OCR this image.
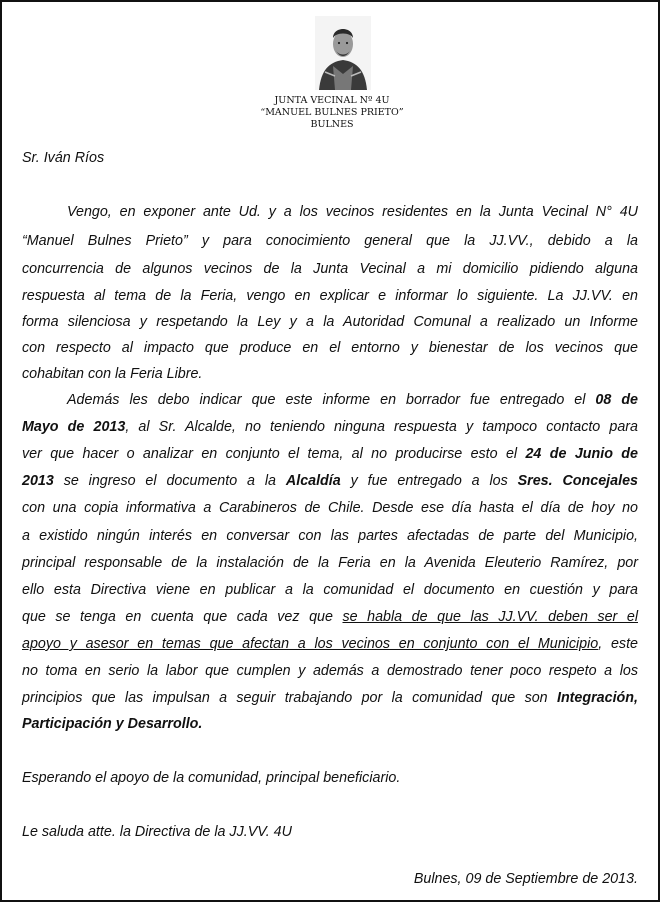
JUNTA VECINAL Nº 4U
“MANUEL BULNES PRIETO”
BULNES
Sr. Iván Ríos
Vengo, en exponer ante Ud. y a los vecinos residentes en la Junta Vecinal N° 4U
“Manuel Bulnes Prieto” y para conocimiento general que la JJ.VV., debido a la
concurrencia de algunos vecinos de la Junta Vecinal a mi domicilio pidiendo alguna
respuesta al tema de la Feria, vengo en explicar e informar lo siguiente. La JJ.VV. en
forma silenciosa y respetando la Ley y a la Autoridad Comunal a realizado un Informe
con respecto al impacto que produce en el entorno y bienestar de los vecinos que
cohabitan con la Feria Libre.
Además les debo indicar que este informe en borrador fue entregado el 08 de
Mayo de 2013, al Sr. Alcalde, no teniendo ninguna respuesta y tampoco contacto para
ver que hacer o analizar en conjunto el tema, al no producirse esto el 24 de Junio de
2013 se ingreso el documento a la Alcaldía y fue entregado a los Sres. Concejales
con una copia informativa a Carabineros de Chile. Desde ese día hasta el día de hoy no
a existido ningún interés en conversar con las partes afectadas de parte del Municipio,
principal responsable de la instalación de la Feria en la Avenida Eleuterio Ramírez, por
ello esta Directiva viene en publicar a la comunidad el documento en cuestión y para
que se tenga en cuenta que cada vez que se habla de que las JJ.VV. deben ser el
apoyo y asesor en temas que afectan a los vecinos en conjunto con el Municipio, este
no toma en serio la labor que cumplen y además a demostrado tener poco respeto a los
principios que las impulsan a seguir trabajando por la comunidad que son Integración,
Participación y Desarrollo.
Esperando el apoyo de la comunidad, principal beneficiario.
Le saluda atte. la Directiva de la JJ.VV. 4U
Bulnes, 09 de Septiembre de 2013.
